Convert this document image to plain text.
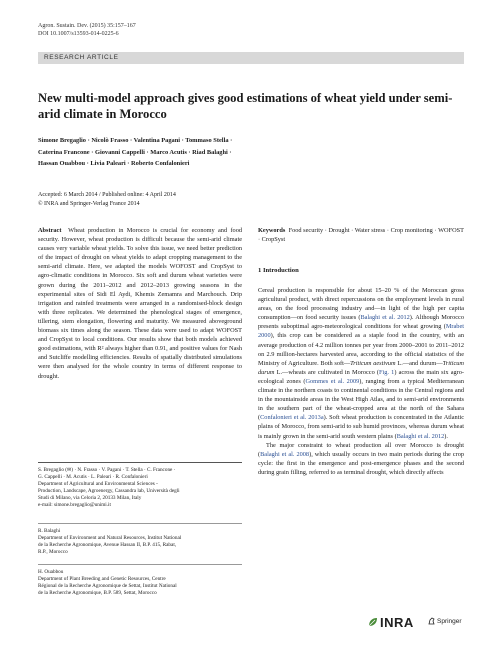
Agron. Sustain. Dev. (2015) 35:157–167
DOI 10.1007/s13593-014-0225-6
RESEARCH ARTICLE
New multi-model approach gives good estimations of wheat yield under semi-arid climate in Morocco
Simone Bregaglio · Nicolò Frasso · Valentina Pagani · Tommaso Stella ·
Caterina Francone · Giovanni Cappelli · Marco Acutis · Riad Balaghi ·
Hassan Ouabbou · Livia Paleari · Roberto Confalonieri
Accepted: 6 March 2014 / Published online: 4 April 2014
© INRA and Springer-Verlag France 2014
Abstract Wheat production in Morocco is crucial for economy and food security. However, wheat production is difficult because the semi-arid climate causes very variable wheat yields. To solve this issue, we need better prediction of the impact of drought on wheat yields to adapt cropping management to the semi-arid climate. Here, we adapted the models WOFOST and CropSyst to agro-climatic conditions in Morocco. Six soft and durum wheat varieties were grown during the 2011–2012 and 2012–2013 growing seasons in the experimental sites of Sidi El Aydi, Khemis Zemamra and Marchouch. Drip irrigation and rainfed treatments were arranged in a randomised-block design with three replicates. We determined the phenological stages of emergence, tillering, stem elongation, flowering and maturity. We measured aboveground biomass six times along the season. These data were used to adapt WOFOST and CropSyst to local conditions. Our results show that both models achieved good estimations, with R² always higher than 0.91, and positive values for Nash and Sutcliffe modelling efficiencies. Results of spatially distributed simulations were then analysed for the whole country in terms of different response to drought.
Keywords Food security · Drought · Water stress · Crop monitoring · WOFOST · CropSyst
1 Introduction

Cereal production is responsible for about 15–20 % of the Moroccan gross agricultural product, with direct repercussions on the employment levels in rural areas, on the food processing industry and—in light of the high per capita consumption—on food security issues (Balaghi et al. 2012). Although Morocco presents suboptimal agro-meteorological conditions for wheat growing (Mrabet 2000), this crop can be considered as a staple food in the country, with an average production of 4.2 million tonnes per year from 2000–2001 to 2011–2012 on 2.9 million-hectares harvested area, according to the official statistics of the Ministry of Agriculture. Both soft—Triticum aestivum L.—and durum—Triticum durum L.—wheats are cultivated in Morocco (Fig. 1) across the main six agro-ecological zones (Gommes et al. 2009), ranging from a typical Mediterranean climate in the northern coasts to continental conditions in the Central regions and in the mountainside areas in the West High Atlas, and to semi-arid environments in the southern part of the wheat-cropped area at the north of the Sahara (Confalonieri et al. 2013a). Soft wheat production is concentrated in the Atlantic plains of Morocco, from semi-arid to sub humid provinces, whereas durum wheat is mainly grown in the semi-arid south western plains (Balaghi et al. 2012).

The major constraint to wheat production all over Morocco is drought (Balaghi et al. 2008), which usually occurs in two main periods during the crop cycle: the first in the emergence and post-emergence phases and the second during grain filling, referred to as terminal drought, which directly affects

S. Bregaglio (✉) · N. Frasso · V. Pagani · T. Stella · C. Francone ·
G. Cappelli · M. Acutis · L. Paleari · R. Confalonieri
Department of Agricultural and Environmental Sciences -
Production, Landscape, Agroenergy, Cassandra lab, Università degli
Studi di Milano, via Celoria 2, 20133 Milan, Italy
e-mail: simone.bregaglio@unimi.it
R. Balaghi
Department of Environment and Natural Resources, Institut National
de la Recherche Agronomique, Avenue Hassan II, B.P. 415, Rabat,
R.P., Morocco
H. Ouabbou
Department of Plant Breeding and Genetic Resources, Centre
Régional de la Recherche Agronomique de Settat, Institut National
de la Recherche Agronomique, B.P. 589, Settat, Morocco
INRA	Springer
